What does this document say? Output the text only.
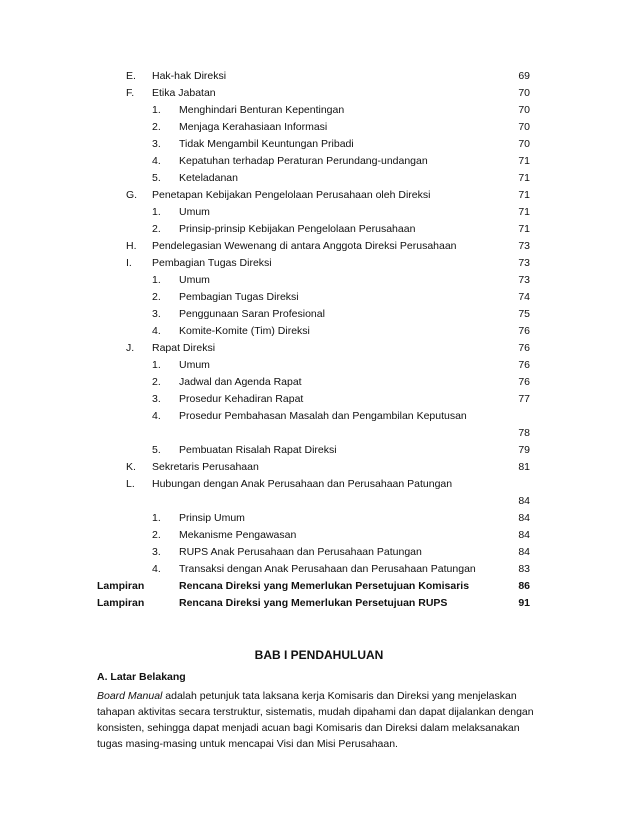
E. Hak-hak Direksi	69
F. Etika Jabatan	70
1. Menghindari Benturan Kepentingan	70
2. Menjaga Kerahasiaan Informasi	70
3. Tidak Mengambil Keuntungan Pribadi	70
4. Kepatuhan terhadap Peraturan Perundang-undangan	71
5. Keteladanan	71
G. Penetapan Kebijakan Pengelolaan Perusahaan oleh Direksi	71
1. Umum	71
2. Prinsip-prinsip Kebijakan Pengelolaan Perusahaan	71
H. Pendelegasian Wewenang di antara Anggota Direksi Perusahaan	73
I. Pembagian Tugas Direksi	73
1. Umum	73
2. Pembagian Tugas Direksi	74
3. Penggunaan Saran Profesional	75
4. Komite-Komite (Tim) Direksi	76
J. Rapat Direksi	76
1. Umum	76
2. Jadwal dan Agenda Rapat	76
3. Prosedur Kehadiran Rapat	77
4. Prosedur Pembahasan Masalah dan Pengambilan Keputusan
78
5. Pembuatan Risalah Rapat Direksi	79
K. Sekretaris Perusahaan	81
L. Hubungan dengan Anak Perusahaan dan Perusahaan Patungan
84
1. Prinsip Umum	84
2. Mekanisme Pengawasan	84
3. RUPS Anak Perusahaan dan Perusahaan Patungan	84
4. Transaksi dengan Anak Perusahaan dan Perusahaan Patungan	83
Lampiran	Rencana Direksi yang Memerlukan Persetujuan Komisaris	86
Lampiran	Rencana Direksi yang Memerlukan Persetujuan RUPS	91
BAB I PENDAHULUAN
A. Latar Belakang

Board Manual adalah petunjuk tata laksana kerja Komisaris dan Direksi yang menjelaskan tahapan aktivitas secara terstruktur, sistematis, mudah dipahami dan dapat dijalankan dengan konsisten, sehingga dapat menjadi acuan bagi Komisaris dan Direksi dalam melaksanakan tugas masing-masing untuk mencapai Visi dan Misi Perusahaan.
